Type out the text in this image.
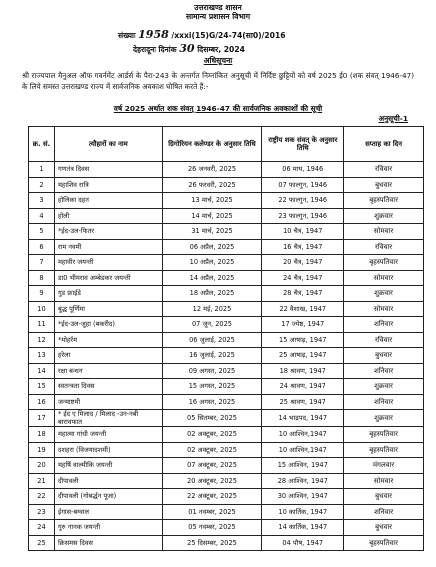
उत्तराखण्ड शासन
सामान्य प्रशासन विभाग
संख्याः 1958 /xxxi(15)G/24-74(सा0)/2016
देहरादूनः दिनांक 30 दिसम्बर, 2024
अधिसूचना
श्री राज्यपाल मैनुअल ऑफ गवर्नमेंट आर्डर्स के पैरा-243 के अन्तर्गत निम्नांकित अनुसूची में निर्दिष्ट छुट्टियों को वर्ष 2025 ई0 (शक संवत् 1946-47) के लिये समस्त उत्तराखण्ड राज्य में सार्वजनिक अवकाश घोषित करते हैं:-
वर्ष 2025 अर्थात शक संवत् 1946-47 की सार्वजनिक अवकाशों की सूची
अनुसूची-1
क्र. सं.	त्यौहारों का नाम	ग्रिगोरियन कलेण्डर के अनुसार तिथि	राष्ट्रीय शक संवत् के अनुसार तिथि	सप्ताह का दिन
1	गणतंत्र दिवस	26 जनवरी, 2025	06 माघ, 1946	रविवार
2	महाशिव रात्रि	26 फरवरी, 2025	07 फाल्गुन, 1946	बुधवार
3	होलिका दहन	13 मार्च, 2025	22 फाल्गुन, 1946	बृहस्पतिवार
4	होली	14 मार्च, 2025	23 फाल्गुन, 1946	शुक्रवार
5	*ईद-उल-फितर	31 मार्च, 2025	10 चैत्र, 1947	सोमवार
6	राम नवमी	06 अप्रैल, 2025	16 चैत्र, 1947	रविवार
7	महावीर जयन्ती	10 अप्रैल, 2025	20 चैत्र, 1947	बृहस्पतिवार
8	डा0 भीमराव अम्बेडकर जयन्ती	14 अप्रैल, 2025	24 चैत्र, 1947	सोमवार
9	गुड फ्राईडे	18 अप्रैल, 2025	28 चैत्र, 1947	शुक्रवार
10	बुद्ध पूर्णिमा	12 मई, 2025	22 वैशाख, 1947	सोमवार
11	*ईद-उल-जुहा (बकरीद)	07 जून, 2025	17 ज्येष्ठ, 1947	शनिवार
12	*मोहर्रम	06 जुलाई, 2025	15 आषाढ़, 1947	रविवार
13	हरेला	16 जुलाई, 2025	25 आषाढ़, 1947	बुधवार
14	रक्षा बन्धन	09 अगस्त, 2025	18 श्रावण, 1947	शनिवार
15	स्वतन्त्रता दिवस	15 अगस्त, 2025	24 श्रावण, 1947	शुक्रवार
16	जन्माष्टमी	16 अगस्त, 2025	25 श्रावण, 1947	शनिवार
17	* ईद ए मिलाद / मिलाद -उन-नबी बारावफात	05 सितम्बर, 2025	14 भाद्रपद, 1947	शुक्रवार
18	महात्मा गांधी जयन्ती	02 अक्टूबर, 2025	10 आश्विन,1947	बृहस्पतिवार
19	दशहरा (विजयादशमी)	02 अक्टूबर, 2025	10 आश्विन,1947	बृहस्पतिवार
20	महर्षि वाल्मीकि जयन्ती	07 अक्टूबर, 2025	15 आश्विन, 1947	मंगलवार
21	दीपावली	20 अक्टूबर, 2025	28 आश्विन, 1947	सोमवार
22	दीपावली (गोबर्द्धन पूजा)	22 अक्टूबर, 2025	30 आश्विन, 1947	बुधवार
23	ईगास-बग्वाल	01 नवम्बर, 2025	10 कार्तिक, 1947	शनिवार
24	गुरु नानक जयन्ती	05 नवम्बर, 2025	14 कार्तिक, 1947	बुधवार
25	क्रिसमस दिवस	25 दिसम्बर, 2025	04 पौष, 1947	बृहस्पतिवार
